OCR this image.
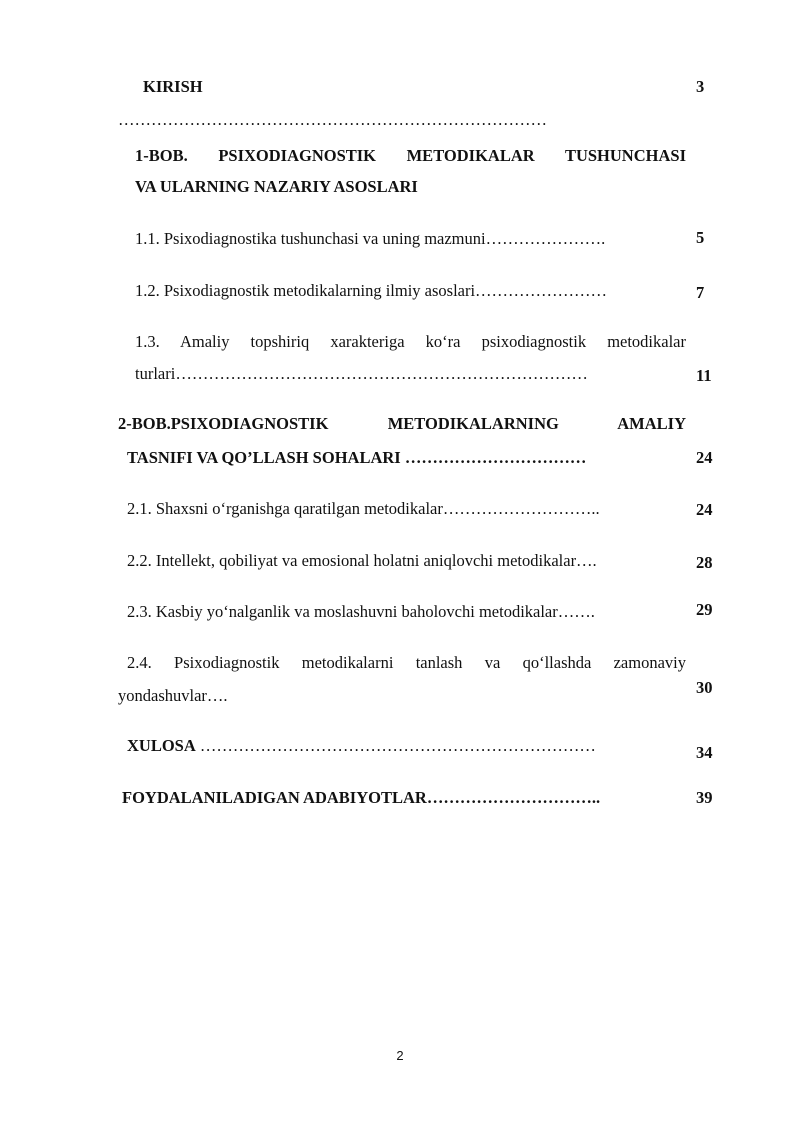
KIRISH	3
……………………………………………………………………
1-BOB. PSIXODIAGNOSTIK METODIKALAR TUSHUNCHASI
VA ULARNING NAZARIY ASOSLARI
1.1. Psixodiagnostika tushunchasi va uning mazmuni………………….	5
1.2. Psixodiagnostik metodikalarning ilmiy asoslari……………………	7
1.3. Amaliy topshiriq xarakteriga ko‘ra psixodiagnostik metodikalar
turlari…………………………………………………………………	11
2-BOB.PSIXODIAGNOSTIK METODIKALARNING AMALIY
TASNIFI VA QO’LLASH SOHALARI ……………………………	24
2.1. Shaxsni o‘rganishga qaratilgan metodikalar………………………..	24
2.2. Intellekt, qobiliyat va emosional holatni aniqlovchi metodikalar….	28
2.3. Kasbiy yo‘nalganlik va moslashuvni baholovchi metodikalar…….	29
2.4. Psixodiagnostik metodikalarni tanlash va qo‘llashda zamonaviy
yondashuvlar….	30
XULOSA ………………………………………………………………	34
FOYDALANILADIGAN ADABIYOTLAR…………………………..	39
2
